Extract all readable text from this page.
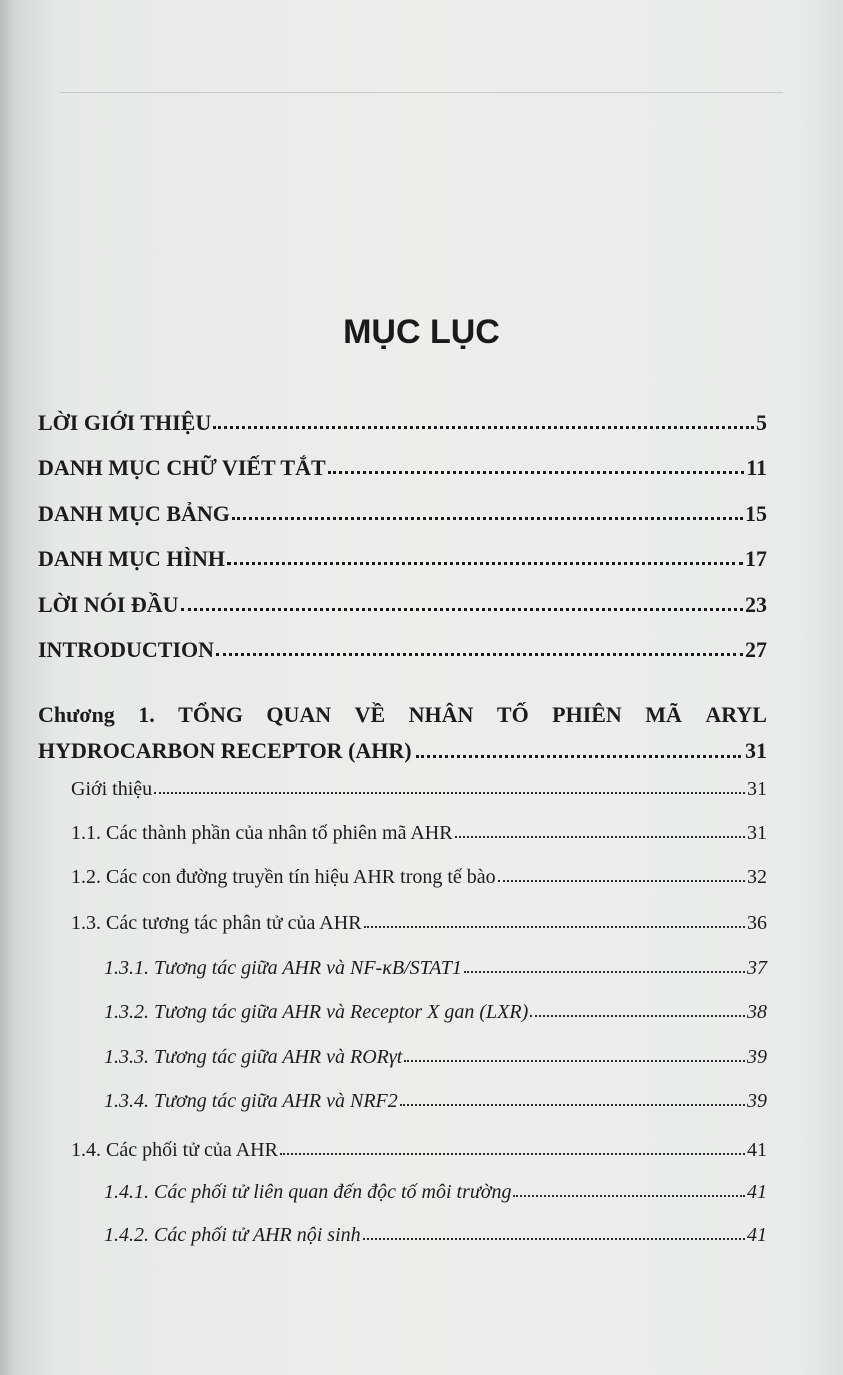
MỤC LỤC
LỜI GIỚI THIỆU	5
DANH MỤC CHỮ VIẾT TẮT	11
DANH MỤC BẢNG	15
DANH MỤC HÌNH	17
LỜI NÓI ĐẦU	23
INTRODUCTION	27
Chương 1. TỔNG QUAN VỀ NHÂN TỐ PHIÊN MÃ ARYL
HYDROCARBON RECEPTOR (AHR)	31
Giới thiệu	31
1.1. Các thành phần của nhân tố phiên mã AHR	31
1.2. Các con đường truyền tín hiệu AHR trong tế bào	32
1.3. Các tương tác phân tử của AHR	36
1.3.1. Tương tác giữa AHR và NF-κB/STAT1	37
1.3.2. Tương tác giữa AHR và Receptor X gan (LXR)	38
1.3.3. Tương tác giữa AHR và RORγt	39
1.3.4. Tương tác giữa AHR và NRF2	39
1.4. Các phối tử của AHR	41
1.4.1. Các phối tử liên quan đến độc tố môi trường	41
1.4.2. Các phối tử AHR nội sinh	41
